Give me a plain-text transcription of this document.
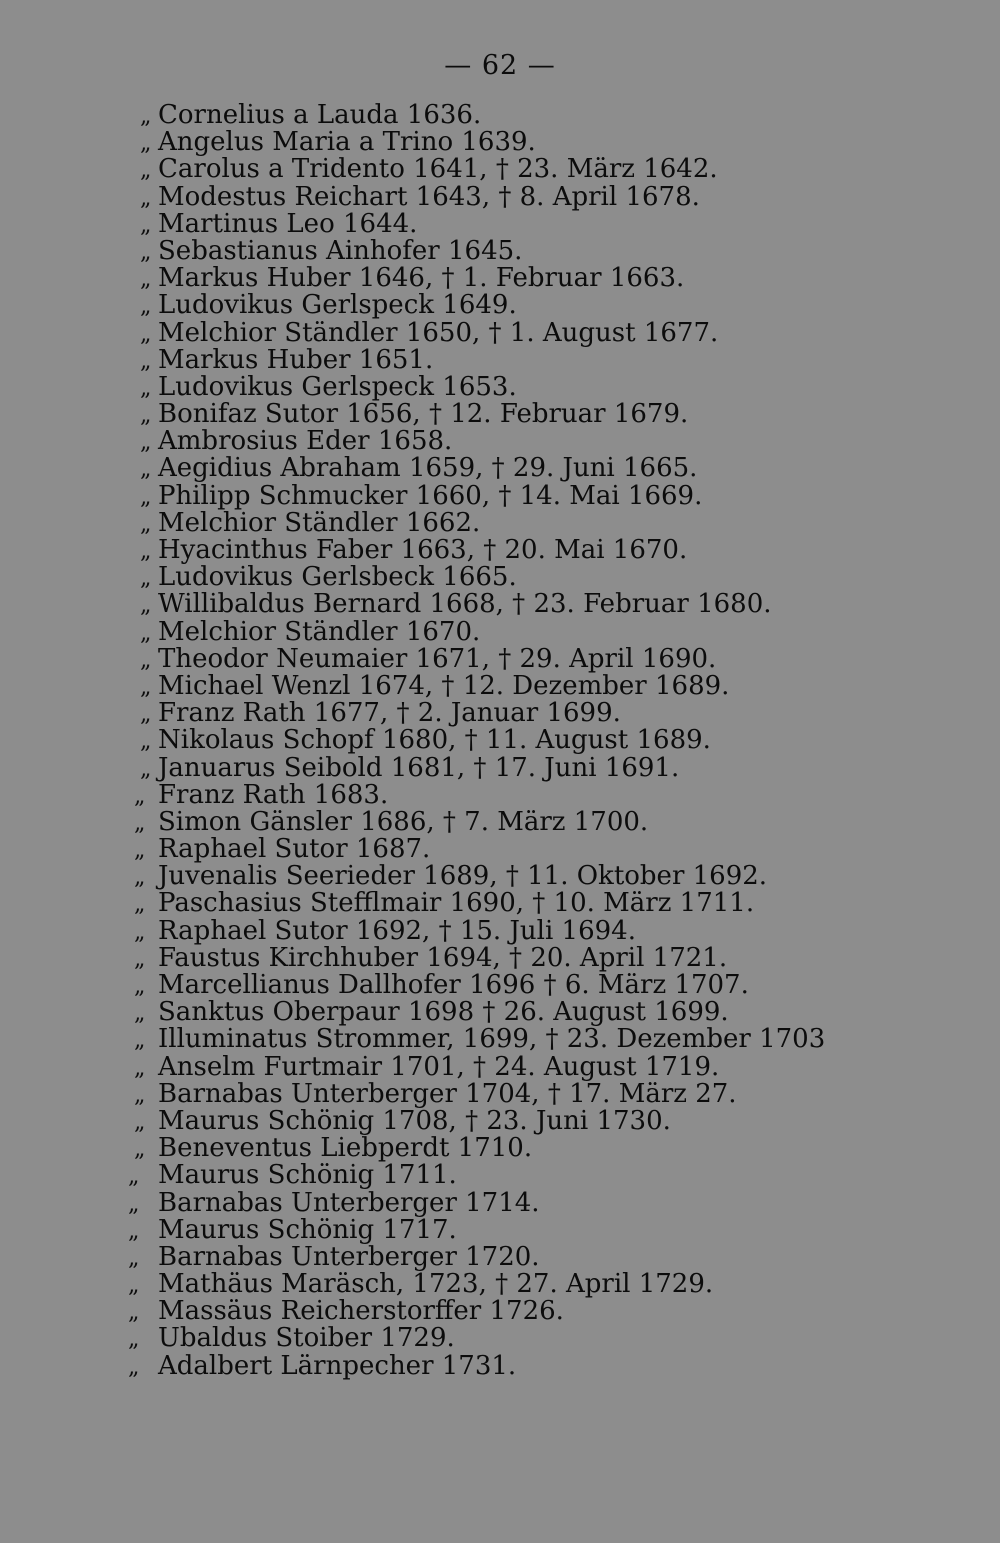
— 62 —
„ Cornelius a Lauda 1636.
„ Angelus Maria a Trino 1639.
„ Carolus a Tridento 1641, † 23. März 1642.
„ Modestus Reichart 1643, † 8. April 1678.
„ Martinus Leo 1644.
„ Sebastianus Ainhofer 1645.
„ Markus Huber 1646, † 1. Februar 1663.
„ Ludovikus Gerlspeck 1649.
„ Melchior Ständler 1650, † 1. August 1677.
„ Markus Huber 1651.
„ Ludovikus Gerlspeck 1653.
„ Bonifaz Sutor 1656, † 12. Februar 1679.
„ Ambrosius Eder 1658.
„ Aegidius Abraham 1659, † 29. Juni 1665.
„ Philipp Schmucker 1660, † 14. Mai 1669.
„ Melchior Ständler 1662.
„ Hyacinthus Faber 1663, † 20. Mai 1670.
„ Ludovikus Gerlsbeck 1665.
„ Willibaldus Bernard 1668, † 23. Februar 1680.
„ Melchior Ständler 1670.
„ Theodor Neumaier 1671, † 29. April 1690.
„ Michael Wenzl 1674, † 12. Dezember 1689.
„ Franz Rath 1677, † 2. Januar 1699.
„ Nikolaus Schopf 1680, † 11. August 1689.
„ Januarus Seibold 1681, † 17. Juni 1691.
„ Franz Rath 1683.
„ Simon Gänsler 1686, † 7. März 1700.
„ Raphael Sutor 1687.
„ Juvenalis Seerieder 1689, † 11. Oktober 1692.
„ Paschasius Stefflmair 1690, † 10. März 1711.
„ Raphael Sutor 1692, † 15. Juli 1694.
„ Faustus Kirchhuber 1694, † 20. April 1721.
„ Marcellianus Dallhofer 1696 † 6. März 1707.
„ Sanktus Oberpaur 1698 † 26. August 1699.
„ Illuminatus Strommer, 1699, † 23. Dezember 1703
„ Anselm Furtmair 1701, † 24. August 1719.
„ Barnabas Unterberger 1704, † 17. März 27.
„ Maurus Schönig 1708, † 23. Juni 1730.
„ Beneventus Liebperdt 1710.
„ Maurus Schönig 1711.
„ Barnabas Unterberger 1714.
„ Maurus Schönig 1717.
„ Barnabas Unterberger 1720.
„ Mathäus Maräsch, 1723, † 27. April 1729.
„ Massäus Reicherstorffer 1726.
„ Ubaldus Stoiber 1729.
„ Adalbert Lärnpecher 1731.
